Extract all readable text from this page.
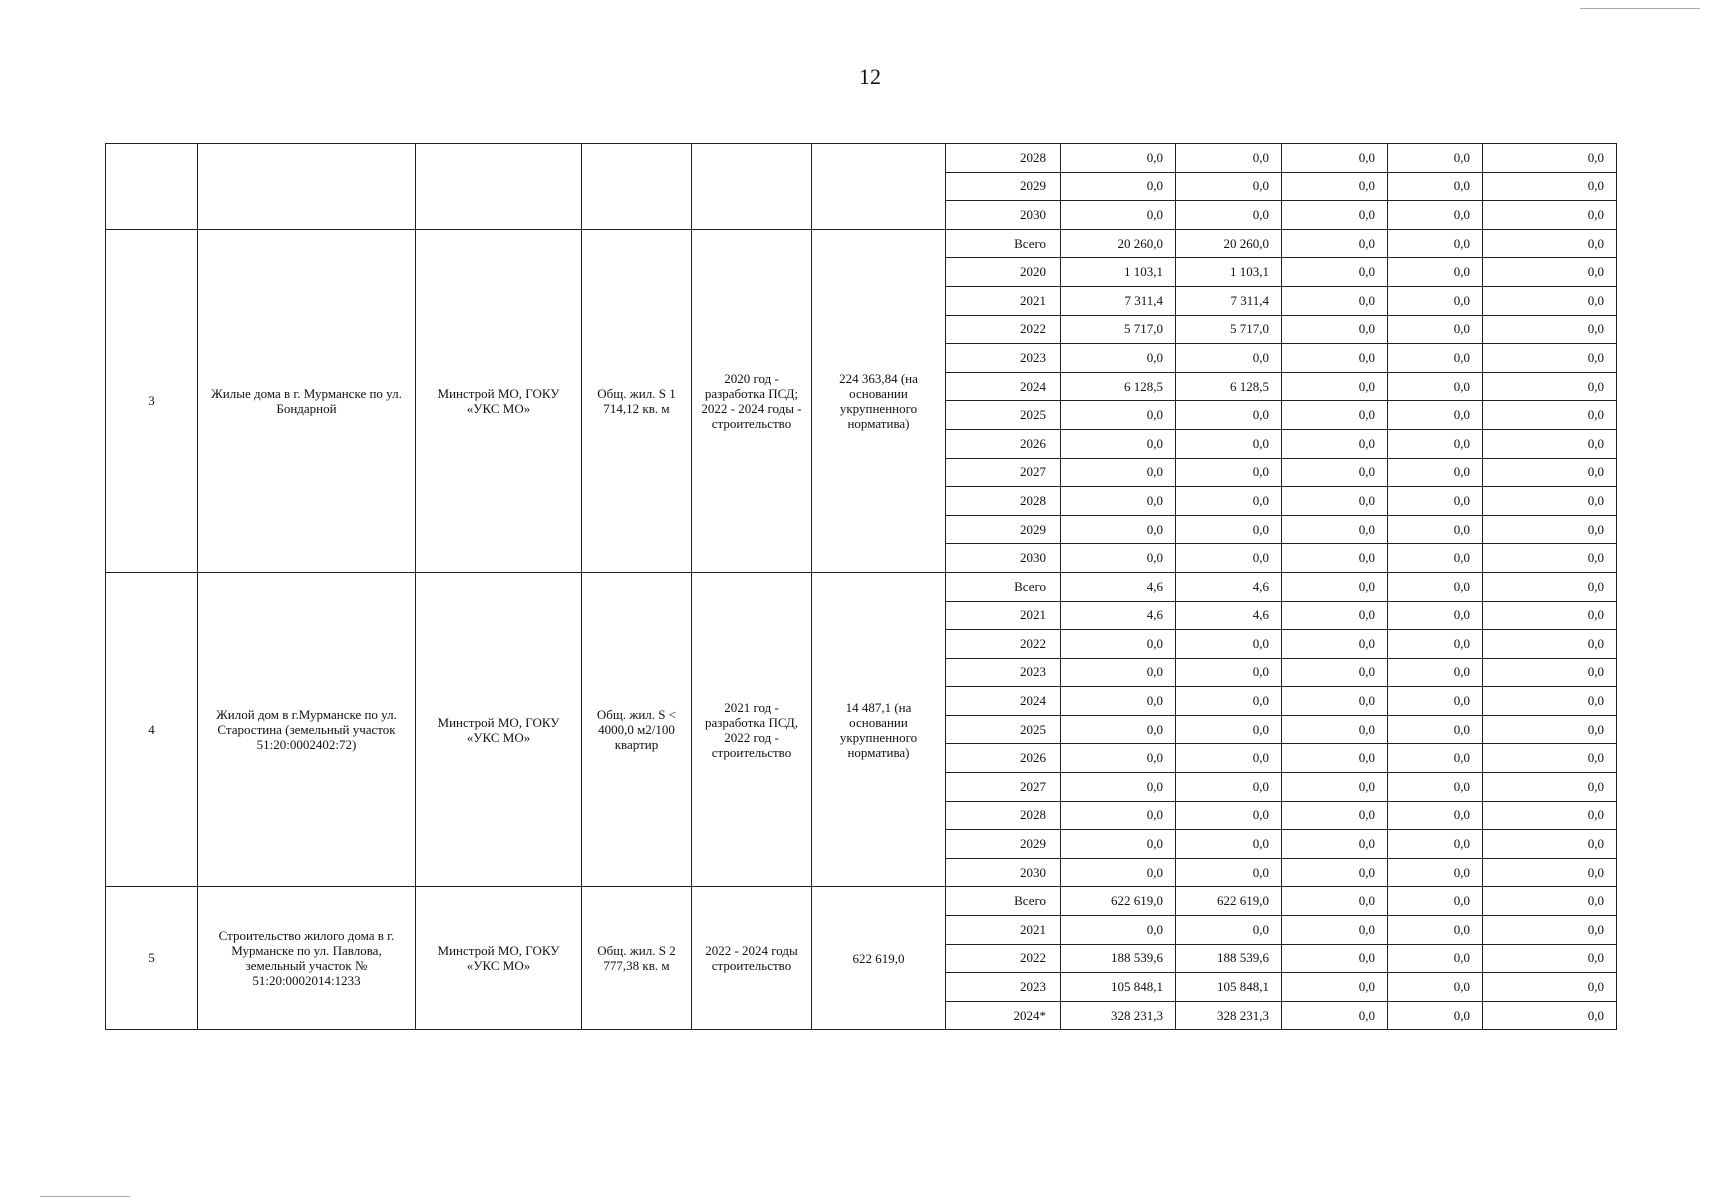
12
						2028	0,0	0,0	0,0	0,0	0,0
						2029	0,0	0,0	0,0	0,0	0,0
						2030	0,0	0,0	0,0	0,0	0,0
3	Жилые дома в г. Мурманске по ул. Бондарной	Минстрой МО, ГОКУ «УКС МО»	Общ. жил. S 1 714,12 кв. м	2020 год - разработка ПСД; 2022 - 2024 годы - строительство	224 363,84 (на основании укрупненного норматива)	Всего	20 260,0	20 260,0	0,0	0,0	0,0
						2020	1 103,1	1 103,1	0,0	0,0	0,0
						2021	7 311,4	7 311,4	0,0	0,0	0,0
						2022	5 717,0	5 717,0	0,0	0,0	0,0
						2023	0,0	0,0	0,0	0,0	0,0
						2024	6 128,5	6 128,5	0,0	0,0	0,0
						2025	0,0	0,0	0,0	0,0	0,0
						2026	0,0	0,0	0,0	0,0	0,0
						2027	0,0	0,0	0,0	0,0	0,0
						2028	0,0	0,0	0,0	0,0	0,0
						2029	0,0	0,0	0,0	0,0	0,0
						2030	0,0	0,0	0,0	0,0	0,0
4	Жилой дом в г.Мурманске по ул. Старостина (земельный участок 51:20:0002402:72)	Минстрой МО, ГОКУ «УКС МО»	Общ. жил. S < 4000,0 м2/100 квартир	2021 год - разработка ПСД, 2022 год - строительство	14 487,1 (на основании укрупненного норматива)	Всего	4,6	4,6	0,0	0,0	0,0
						2021	4,6	4,6	0,0	0,0	0,0
						2022	0,0	0,0	0,0	0,0	0,0
						2023	0,0	0,0	0,0	0,0	0,0
						2024	0,0	0,0	0,0	0,0	0,0
						2025	0,0	0,0	0,0	0,0	0,0
						2026	0,0	0,0	0,0	0,0	0,0
						2027	0,0	0,0	0,0	0,0	0,0
						2028	0,0	0,0	0,0	0,0	0,0
						2029	0,0	0,0	0,0	0,0	0,0
						2030	0,0	0,0	0,0	0,0	0,0
5	Строительство жилого дома в г. Мурманске по ул. Павлова, земельный участок № 51:20:0002014:1233	Минстрой МО, ГОКУ «УКС МО»	Общ. жил. S 2 777,38 кв. м	2022 - 2024 годы строительство	622 619,0	Всего	622 619,0	622 619,0	0,0	0,0	0,0
						2021	0,0	0,0	0,0	0,0	0,0
						2022	188 539,6	188 539,6	0,0	0,0	0,0
						2023	105 848,1	105 848,1	0,0	0,0	0,0
						2024*	328 231,3	328 231,3	0,0	0,0	0,0
